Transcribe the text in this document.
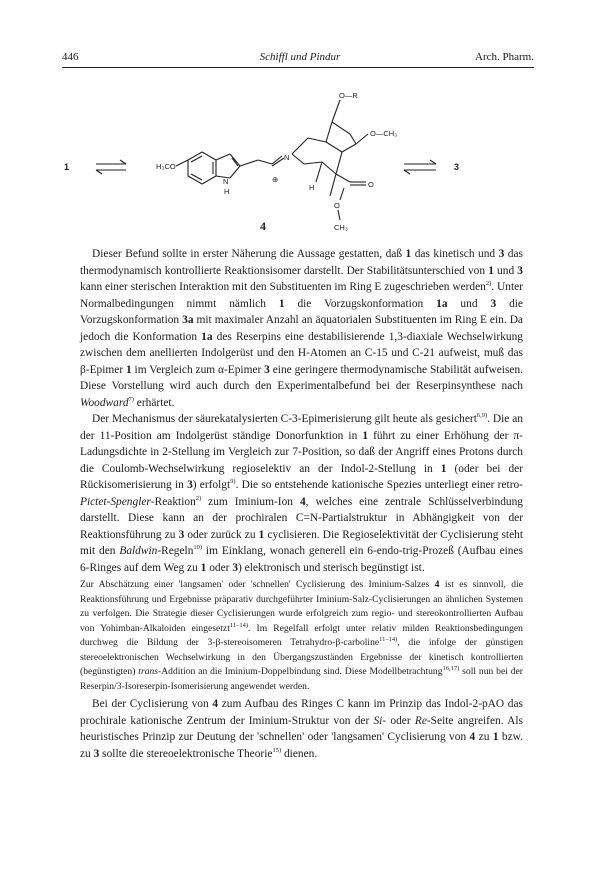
446	Schiffl und Pindur	Arch. Pharm.
1	H₃CO
N
H
N
⊕
O—R
O—CH₃
H	O
O
CH₃
4
3

Dieser Befund sollte in erster Näherung die Aussage gestatten, daß 1 das kinetisch und 3 das thermodynamisch kontrollierte Reaktionsisomer darstellt. Der Stabilitätsunterschied von 1 und 3 kann einer sterischen Interaktion mit den Substituenten im Ring E zugeschrieben werden$^{2)}$. Unter Normalbedingungen nimmt nämlich 1 die Vorzugskonformation 1a und 3 die Vorzugskonformation 3a mit maximaler Anzahl an äquatorialen Substituenten im Ring E ein. Da jedoch die Konformation 1a des Reserpins eine destabilisierende 1,3-diaxiale Wechselwirkung zwischen dem anellierten Indolgerüst und den H-Atomen an C-15 und C-21 aufweist, muß das β-Epimer 1 im Vergleich zum α-Epimer 3 eine geringere thermodynamische Stabilität aufweisen. Diese Vorstellung wird auch durch den Experimentalbefund bei der Reserpinsynthese nach Woodward$^{7)}$ erhärtet.

Der Mechanismus der säurekatalysierten C-3-Epimerisierung gilt heute als gesichert$^{6,9)}$. Die an der 11-Position am Indolgerüst ständige Donorfunktion in 1 führt zu einer Erhöhung der π-Ladungsdichte in 2-Stellung im Vergleich zur 7-Position, so daß der Angriff eines Protons durch die Coulomb-Wechselwirkung regioselektiv an der Indol-2-Stellung in 1 (oder bei der Rückisomerisierung in 3) erfolgt$^{9)}$. Die so entstehende kationische Spezies unterliegt einer retro-Pictet-Spengler-Reaktion$^{2)}$ zum Iminium-Ion 4, welches eine zentrale Schlüsselverbindung darstellt. Diese kann an der prochiralen C=N-Partialstruktur in Abhängigkeit von der Reaktionsführung zu 3 oder zurück zu 1 cyclisieren. Die Regioselektivität der Cyclisierung steht mit den Baldwin-Regeln$^{10)}$ im Einklang, wonach generell ein 6-endo-trig-Prozeß (Aufbau eines 6-Ringes auf dem Weg zu 1 oder 3) elektronisch und sterisch begünstigt ist.

Zur Abschätzung einer 'langsamen' oder 'schnellen' Cyclisierung des Iminium-Salzes 4 ist es sinnvoll, die Reaktionsführung und Ergebnisse präparativ durchgeführter Iminium-Salz-Cyclisierungen an ähnlichen Systemen zu verfolgen. Die Strategie dieser Cyclisierungen wurde erfolgreich zum regio- und stereokontrollierten Aufbau von Yohimban-Alkaloiden eingesetzt$^{11-14)}$. Im Regelfall erfolgt unter relativ milden Reaktionsbedingungen durchweg die Bildung der 3-β-stereoisomeren Tetrahydro-β-carboline$^{11-14)}$, die infolge der günstigen stereoelektronischen Wechselwirkung in den Übergangszuständen Ergebnisse der kinetisch kontrollierten (begünstigten) trans-Addition an die Iminium-Doppelbindung sind. Diese Modellbetrachtung$^{16,17)}$ soll nun bei der Reserpin/3-Isoreserpin-Isomerisierung angewendet werden.

Bei der Cyclisierung von 4 zum Aufbau des Ringes C kann im Prinzip das Indol-2-pAO das prochirale kationische Zentrum der Iminium-Struktur von der Si- oder Re-Seite angreifen. Als heuristisches Prinzip zur Deutung der 'schnellen' oder 'langsamen' Cyclisierung von 4 zu 1 bzw. zu 3 sollte die stereoelektronische Theorie$^{15)}$ dienen.
